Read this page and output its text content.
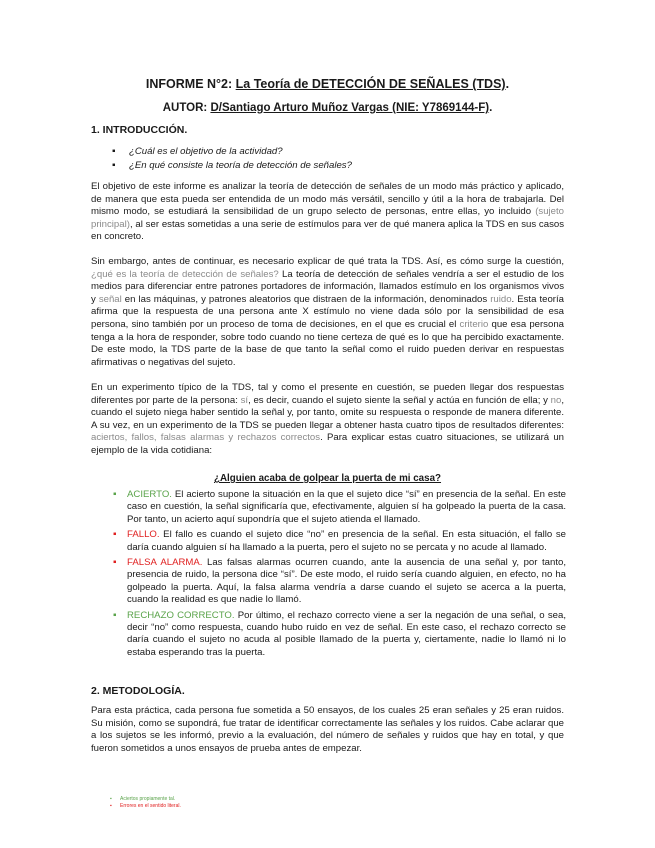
INFORME N°2: La Teoría de DETECCIÓN DE SEÑALES (TDS).
AUTOR: D/Santiago Arturo Muñoz Vargas (NIE: Y7869144-F).
1. INTRODUCCIÓN.
▪ ¿Cuál es el objetivo de la actividad?
▪ ¿En qué consiste la teoría de detección de señales?

El objetivo de este informe es analizar la teoría de detección de señales de un modo más práctico y aplicado, de manera que esta pueda ser entendida de un modo más versátil, sencillo y útil a la hora de trabajarla. Del mismo modo, se estudiará la sensibilidad de un grupo selecto de personas, entre ellas, yo incluido (sujeto principal), al ser estas sometidas a una serie de estímulos para ver de qué manera aplica la TDS en sus casos en concreto.

Sin embargo, antes de continuar, es necesario explicar de qué trata la TDS. Así, es cómo surge la cuestión, ¿qué es la teoría de detección de señales? La teoría de detección de señales vendría a ser el estudio de los medios para diferenciar entre patrones portadores de información, llamados estímulo en los organismos vivos y señal en las máquinas, y patrones aleatorios que distraen de la información, denominados ruido. Esta teoría afirma que la respuesta de una persona ante X estímulo no viene dada sólo por la sensibilidad de esa persona, sino también por un proceso de toma de decisiones, en el que es crucial el criterio que esa persona tenga a la hora de responder, sobre todo cuando no tiene certeza de qué es lo que ha percibido exactamente. De este modo, la TDS parte de la base de que tanto la señal como el ruido pueden derivar en respuestas afirmativas o negativas del sujeto.

En un experimento típico de la TDS, tal y como el presente en cuestión, se pueden llegar dos respuestas diferentes por parte de la persona: sí, es decir, cuando el sujeto siente la señal y actúa en función de ella; y no, cuando el sujeto niega haber sentido la señal y, por tanto, omite su respuesta o responde de manera diferente. A su vez, en un experimento de la TDS se pueden llegar a obtener hasta cuatro tipos de resultados diferentes: aciertos, fallos, falsas alarmas y rechazos correctos. Para explicar estas cuatro situaciones, se utilizará un ejemplo de la vida cotidiana:

¿Alguien acaba de golpear la puerta de mi casa?
▪ ACIERTO. El acierto supone la situación en la que el sujeto dice “sí” en presencia de la señal. En este caso en cuestión, la señal significaría que, efectivamente, alguien sí ha golpeado la puerta de la casa. Por tanto, un acierto aquí supondría que el sujeto atienda el llamado.
▪ FALLO. El fallo es cuando el sujeto dice “no” en presencia de la señal. En esta situación, el fallo se daría cuando alguien sí ha llamado a la puerta, pero el sujeto no se percata y no acude al llamado.
▪ FALSA ALARMA. Las falsas alarmas ocurren cuando, ante la ausencia de una señal y, por tanto, presencia de ruido, la persona dice “sí”. De este modo, el ruido sería cuando alguien, en efecto, no ha golpeado la puerta. Aquí, la falsa alarma vendría a darse cuando el sujeto se acerca a la puerta, cuando la realidad es que nadie lo llamó.
▪ RECHAZO CORRECTO. Por último, el rechazo correcto viene a ser la negación de una señal, o sea, decir “no” como respuesta, cuando hubo ruido en vez de señal. En este caso, el rechazo correcto se daría cuando el sujeto no acuda al posible llamado de la puerta y, ciertamente, nadie lo llamó ni lo estaba esperando tras la puerta.
2. METODOLOGÍA.

Para esta práctica, cada persona fue sometida a 50 ensayos, de los cuales 25 eran señales y 25 eran ruidos. Su misión, como se supondrá, fue tratar de identificar correctamente las señales y los ruidos. Cabe aclarar que a los sujetos se les informó, previo a la evaluación, del número de señales y ruidos que hay en total, y que fueron sometidos a unos ensayos de prueba antes de empezar.

▪ Aciertos propiamente tal.
▪ Errores en el sentido literal.
